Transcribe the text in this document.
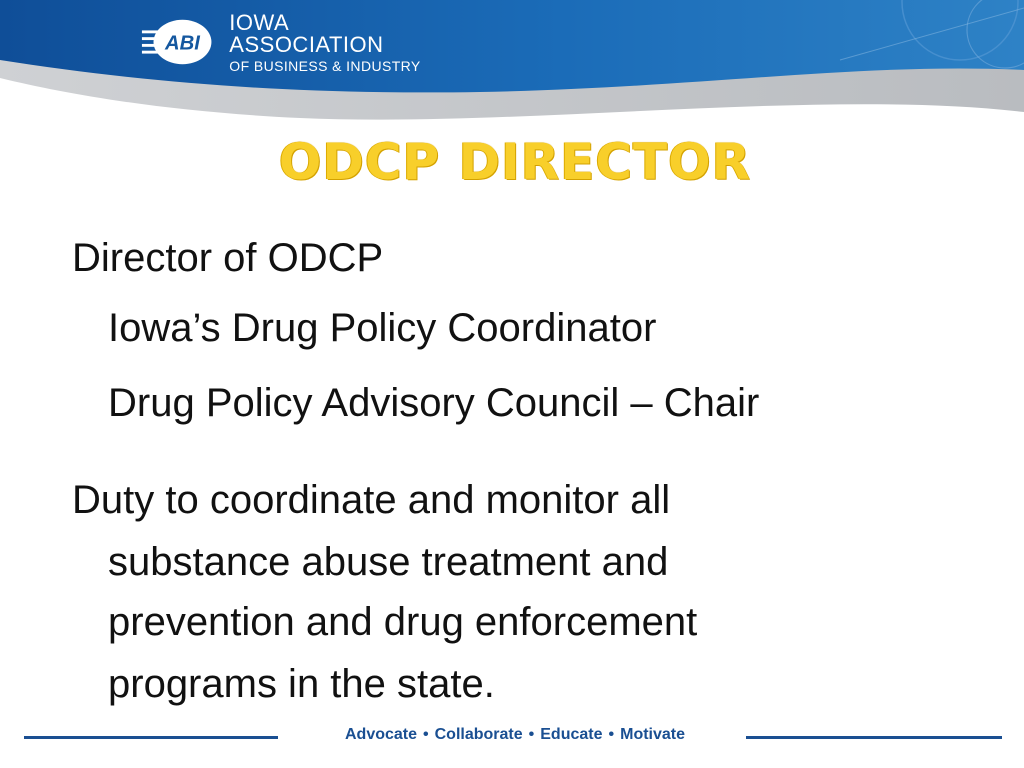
ABI
IOWA ASSOCIATION
OF BUSINESS & INDUSTRY
ODCP DIRECTOR
Director of ODCP
Iowa’s Drug Policy Coordinator
Drug Policy Advisory Council – Chair
Duty to coordinate and monitor all
substance abuse treatment and
prevention and drug enforcement
programs in the state.
Advocate • Collaborate • Educate • Motivate
